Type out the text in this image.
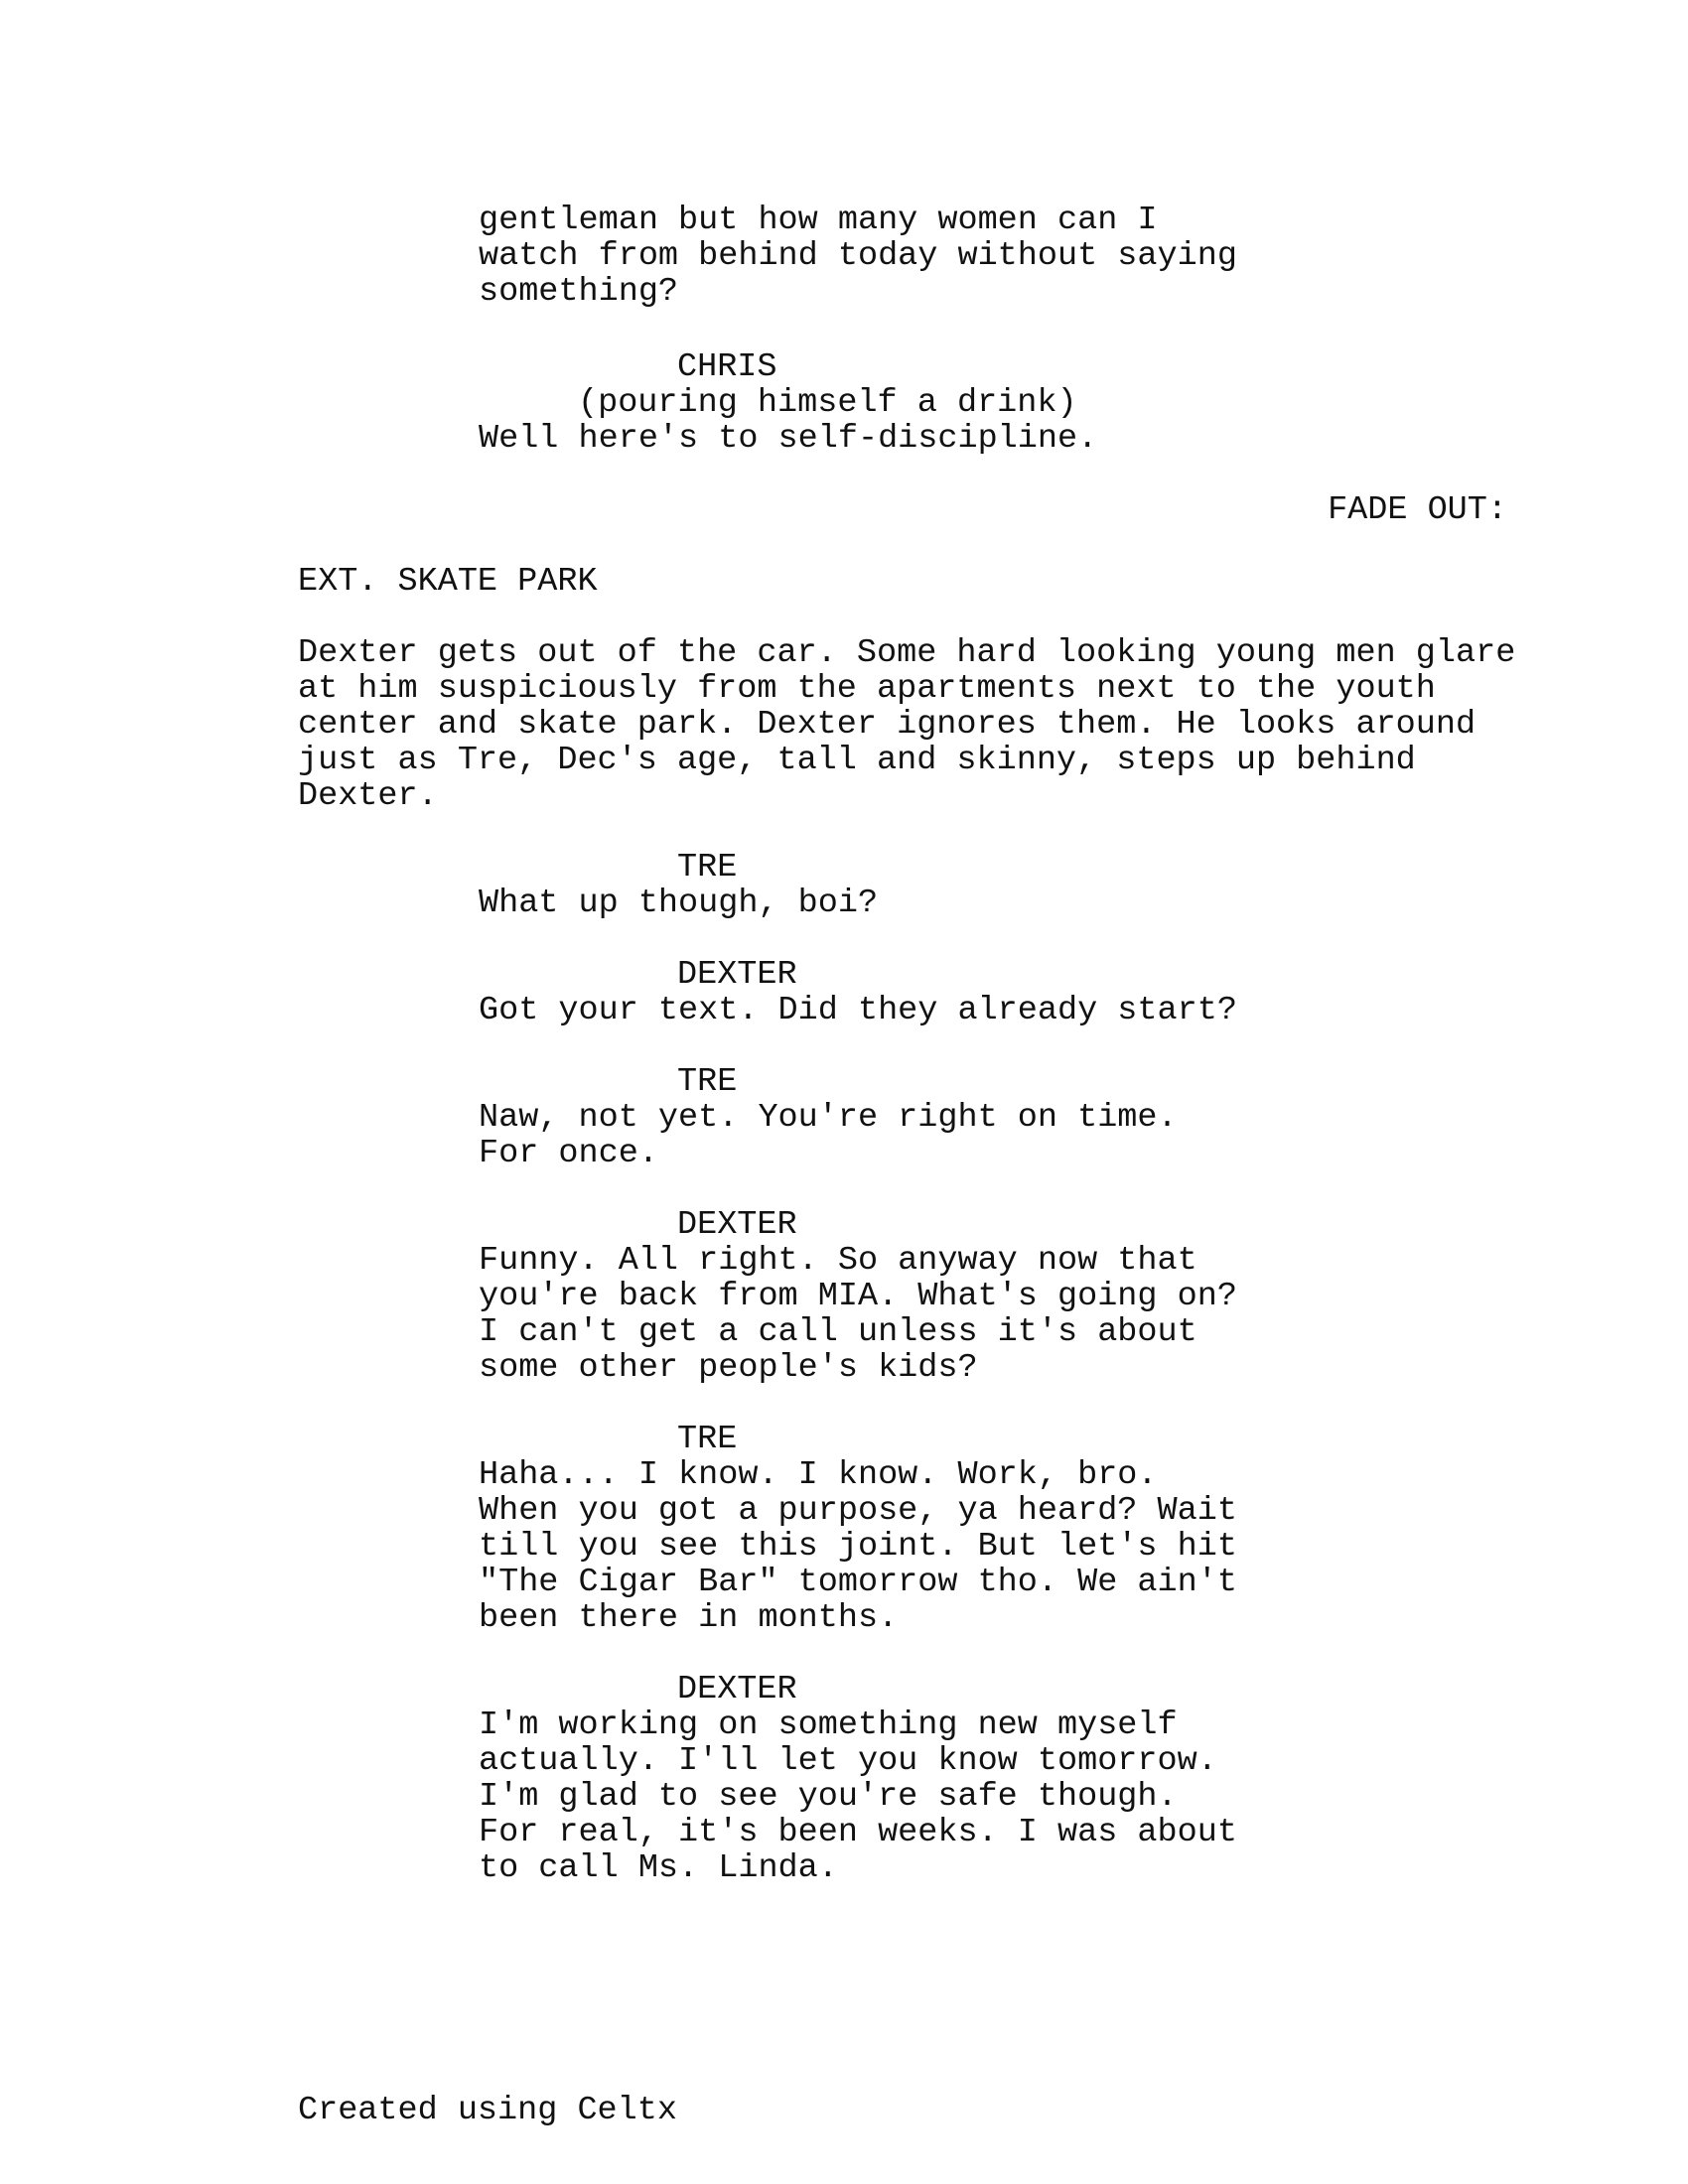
gentleman but how many women can I
watch from behind today without saying
something?
CHRIS
(pouring himself a drink)
Well here's to self-discipline.
FADE OUT:
EXT. SKATE PARK
Dexter gets out of the car. Some hard looking young men glare
at him suspiciously from the apartments next to the youth
center and skate park. Dexter ignores them. He looks around
just as Tre, Dec's age, tall and skinny, steps up behind
Dexter.
TRE
What up though, boi?
DEXTER
Got your text. Did they already start?
TRE
Naw, not yet. You're right on time.
For once.
DEXTER
Funny. All right. So anyway now that
you're back from MIA. What's going on?
I can't get a call unless it's about
some other people's kids?
TRE
Haha... I know. I know. Work, bro.
When you got a purpose, ya heard? Wait
till you see this joint. But let's hit
"The Cigar Bar" tomorrow tho. We ain't
been there in months.
DEXTER
I'm working on something new myself
actually. I'll let you know tomorrow.
I'm glad to see you're safe though.
For real, it's been weeks. I was about
to call Ms. Linda.
Created using Celtx
